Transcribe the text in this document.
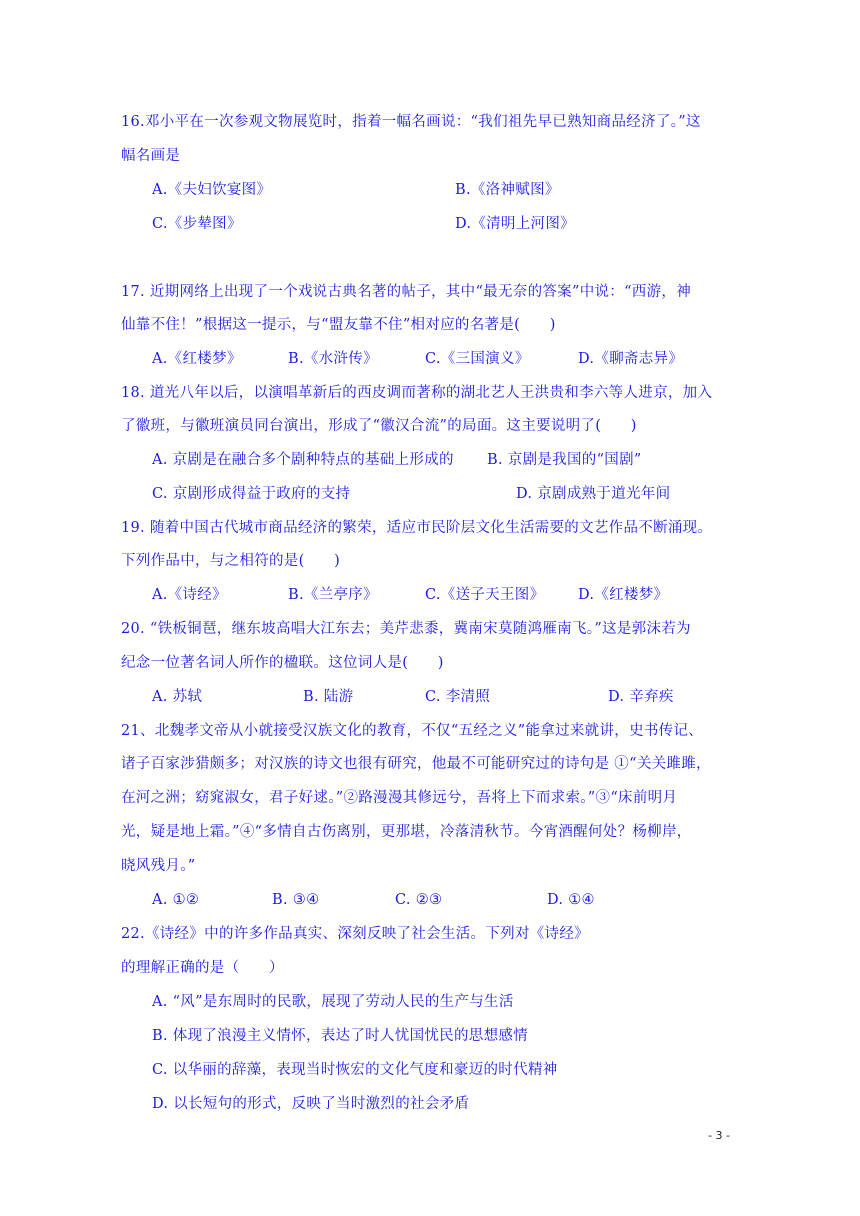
16.邓小平在一次参观文物展览时，指着一幅名画说：“我们祖先早已熟知商品经济了。”这
幅名画是
A.《夫妇饮宴图》	B.《洛神赋图》
C.《步辇图》	D.《清明上河图》
17. 近期网络上出现了一个戏说古典名著的帖子，其中“最无奈的答案”中说：“西游，神
仙靠不住！”根据这一提示，与“盟友靠不住”相对应的名著是(　　)
A.《红楼梦》	B.《水浒传》	C.《三国演义》	D.《聊斋志异》
18. 道光八年以后，以演唱革新后的西皮调而著称的湖北艺人王洪贵和李六等人进京，加入
了徽班，与徽班演员同台演出，形成了“徽汉合流”的局面。这主要说明了(　　)
A. 京剧是在融合多个剧种特点的基础上形成的 B. 京剧是我国的“国剧”
C. 京剧形成得益于政府的支持	D. 京剧成熟于道光年间
19. 随着中国古代城市商品经济的繁荣，适应市民阶层文化生活需要的文艺作品不断涌现。
下列作品中，与之相符的是(　　)
A.《诗经》	B.《兰亭序》	C.《送子天王图》 D.《红楼梦》
20. “铁板铜琶，继东坡高唱大江东去；美芹悲黍，冀南宋莫随鸿雁南飞。”这是郭沫若为
纪念一位著名词人所作的楹联。这位词人是(　　)
A. 苏轼	B. 陆游	C. 李清照	D. 辛弃疾
21、北魏孝文帝从小就接受汉族文化的教育，不仅“五经之义”能拿过来就讲，史书传记、
诸子百家涉猎颇多；对汉族的诗文也很有研究，他最不可能研究过的诗句是 ①“关关雎雎，
在河之洲；窈窕淑女，君子好逑。”②路漫漫其修远兮，吾将上下而求索。”③“床前明月
光，疑是地上霜。”④“多情自古伤离别，更那堪，冷落清秋节。今宵酒醒何处？杨柳岸，
晓风残月。”
A. ①②	B. ③④	C. ②③	D. ①④
22.《诗经》中的许多作品真实、深刻反映了社会生活。下列对《诗经》
的理解正确的是（　　）
A. “风”是东周时的民歌，展现了劳动人民的生产与生活
B. 体现了浪漫主义情怀，表达了时人忧国忧民的思想感情
C. 以华丽的辞藻，表现当时恢宏的文化气度和豪迈的时代精神
D. 以长短句的形式，反映了当时激烈的社会矛盾
- 3 -
